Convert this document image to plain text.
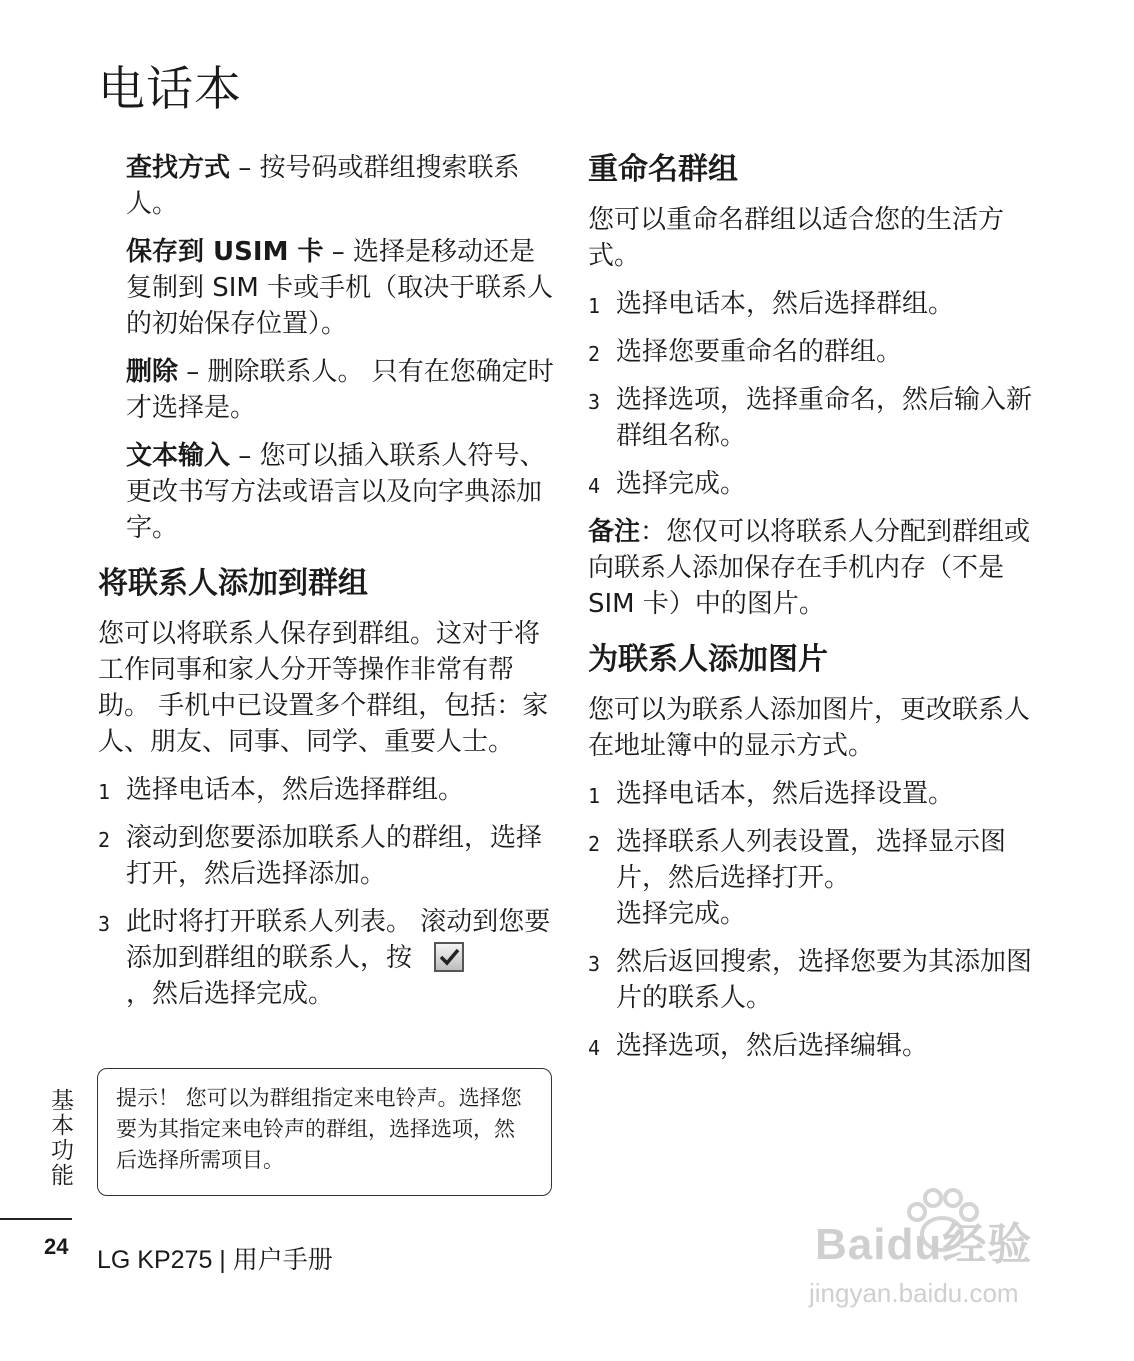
电话本
查找方式 – 按号码或群组搜索联系人。
保存到 USIM 卡 – 选择是移动还是复制到 SIM 卡或手机（取决于联系人的初始保存位置）。
删除 – 删除联系人。 只有在您确定时才选择是。
文本输入 – 您可以插入联系人符号、更改书写方法或语言以及向字典添加字。
将联系人添加到群组
您可以将联系人保存到群组。这对于将工作同事和家人分开等操作非常有帮助。 手机中已设置多个群组，包括：家人、朋友、同事、同学、重要人士。
1 选择电话本，然后选择群组。
2 滚动到您要添加联系人的群组，选择打开，然后选择添加。
3 此时将打开联系人列表。 滚动到您要添加到群组的联系人，按

，然后选择完成。
提示！ 您可以为群组指定来电铃声。选择您要为其指定来电铃声的群组，选择选项，然后选择所需项目。
重命名群组
您可以重命名群组以适合您的生活方式。
1 选择电话本，然后选择群组。
2 选择您要重命名的群组。
3 选择选项，选择重命名，然后输入新群组名称。
4 选择完成。
备注：您仅可以将联系人分配到群组或向联系人添加保存在手机内存（不是 SIM 卡）中的图片。
为联系人添加图片
您可以为联系人添加图片，更改联系人在地址簿中的显示方式。
1 选择电话本，然后选择设置。
2 选择联系人列表设置，选择显示图片，然后选择打开。
选择完成。
3 然后返回搜索，选择您要为其添加图片的联系人。
4 选择选项，然后选择编辑。
基本功能
24 LG KP275 | 用户手册	Baidu经验
jingyan.baidu.com
